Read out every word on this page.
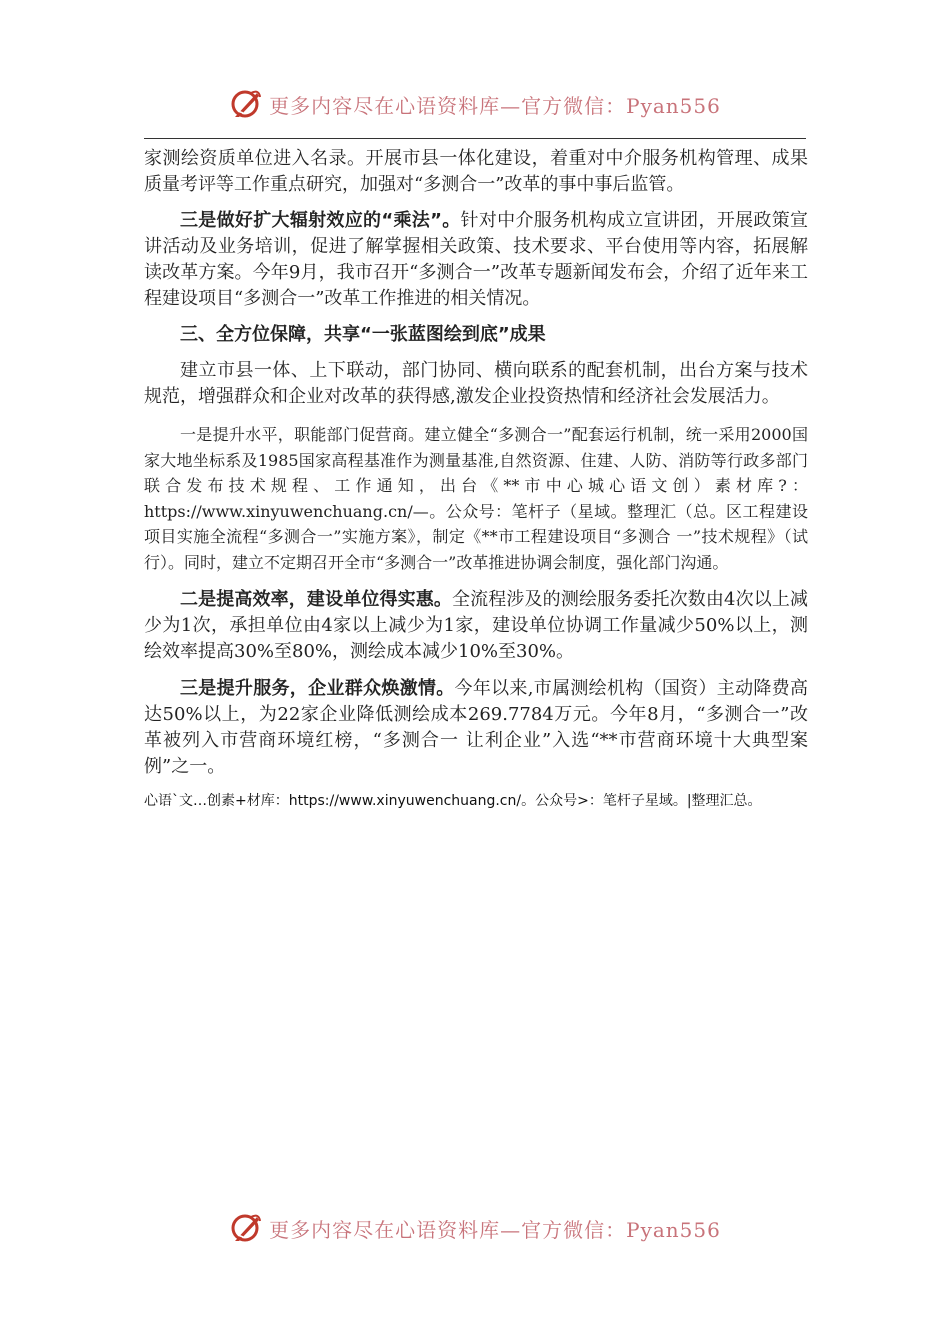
更多内容尽在心语资料库—官方微信：Pyan556

家测绘资质单位进入名录。开展市县一体化建设，着重对中介服务机构管理、成果质量考评等工作重点研究，加强对“多测合一”改革的事中事后监管。

三是做好扩大辐射效应的“乘法”。针对中介服务机构成立宣讲团，开展政策宣讲活动及业务培训，促进了解掌握相关政策、技术要求、平台使用等内容，拓展解读改革方案。今年9月，我市召开“多测合一”改革专题新闻发布会，介绍了近年来工程建设项目“多测合一”改革工作推进的相关情况。

三、全方位保障，共享“一张蓝图绘到底”成果

建立市县一体、上下联动，部门协同、横向联系的配套机制，出台方案与技术规范，增强群众和企业对改革的获得感,激发企业投资热情和经济社会发展活力。

一是提升水平，职能部门促营商。建立健全“多测合一”配套运行机制，统一采用2000国家大地坐标系及1985国家高程基准作为测量基准,自然资源、住建、人防、消防等行政多部门联合发布技术规程、工作通知，出台《**市中心城心语文创）素材库?：https://www.xinyuwenchuang.cn/—。公众号：笔杆子（星域。整理汇（总。区工程建设项目实施全流程“多测合一”实施方案》，制定《**市工程建设项目“多测合 一”技术规程》（试行）。同时，建立不定期召开全市“多测合一”改革推进协调会制度，强化部门沟通。

二是提高效率，建设单位得实惠。全流程涉及的测绘服务委托次数由4次以上减少为1次，承担单位由4家以上减少为1家，建设单位协调工作量减少50%以上，测绘效率提高30%至80%，测绘成本减少10%至30%。

三是提升服务，企业群众焕激情。今年以来,市属测绘机构（国资）主动降费高达50%以上，为22家企业降低测绘成本269.7784万元。今年8月，“多测合一”改革被列入市营商环境红榜，“多测合一 让利企业”入选“**市营商环境十大典型案例”之一。

心语`文…创素+材库：https://www.xinyuwenchuang.cn/。公众号>：笔杆子星域。|整理汇总。

更多内容尽在心语资料库—官方微信：Pyan556
